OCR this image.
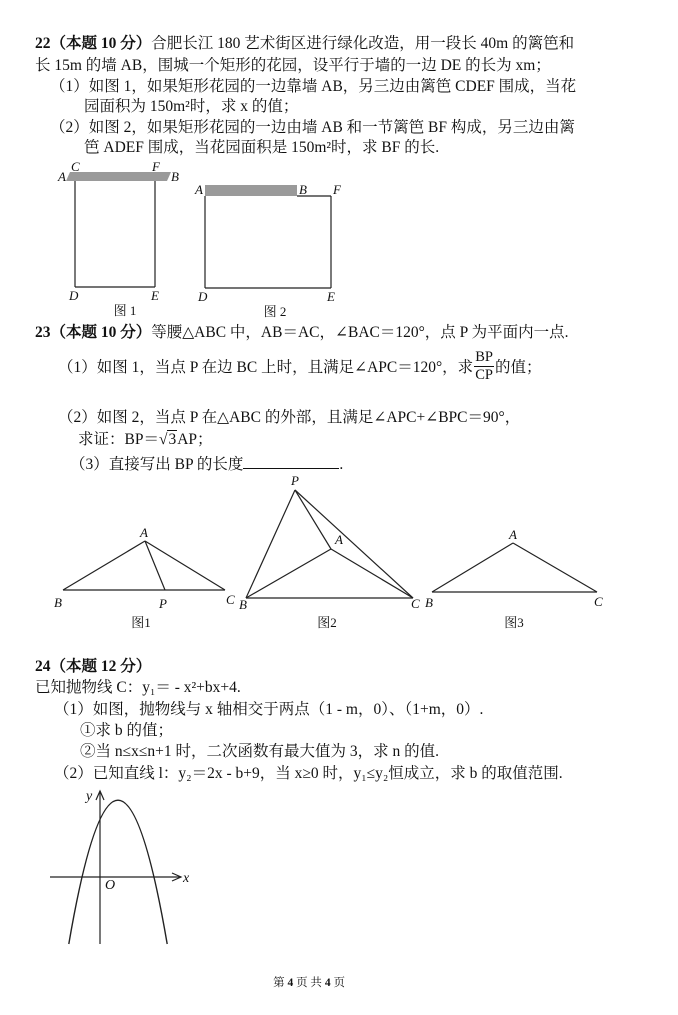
22（本题 10 分）合肥长江 180 艺术街区进行绿化改造，用一段长 40m 的篱笆和
长 15m 的墙 AB，围城一个矩形的花园，设平行于墙的一边 DE 的长为 xm；
（1）如图 1，如果矩形花园的一边靠墙 AB，另三边由篱笆 CDEF 围成，当花
园面积为 150m²时，求 x 的值；
（2）如图 2，如果矩形花园的一边由墙 AB 和一节篱笆 BF 构成，另三边由篱
笆 ADEF 围成，当花园面积是 150m²时，求 BF 的长.
A
C	F
B
D	E
图 1
A	B F
D	E
图 2
23（本题 10 分）等腰△ABC 中，AB＝AC，∠BAC＝120°，点 P 为平面内一点.
（1）如图 1，当点 P 在边 BC 上时，且满足∠APC＝120°，求 $\frac{BP}{CP}$ 的值；
（2）如图 2，当点 P 在△ABC 的外部，且满足∠APC+∠BPC＝90°，
求证：BP＝√3AP；
（3）直接写出 BP 的长度	.
A
B	P	C
图1
P
A
B	C
图2
A
B	C
图3
24（本题 12 分）
已知抛物线 C：y₁＝ - x²+bx+4.
（1）如图，抛物线与 x 轴相交于两点（1 - m，0）、（1+m，0）.
①求 b 的值；
②当 n≤x≤n+1 时，二次函数有最大值为 3，求 n 的值.
（2）已知直线 l：y₂＝2x - b+9，当 x≥0 时，y₁≤y₂恒成立，求 b 的取值范围.
y
x
O
第 4 页 共 4 页
